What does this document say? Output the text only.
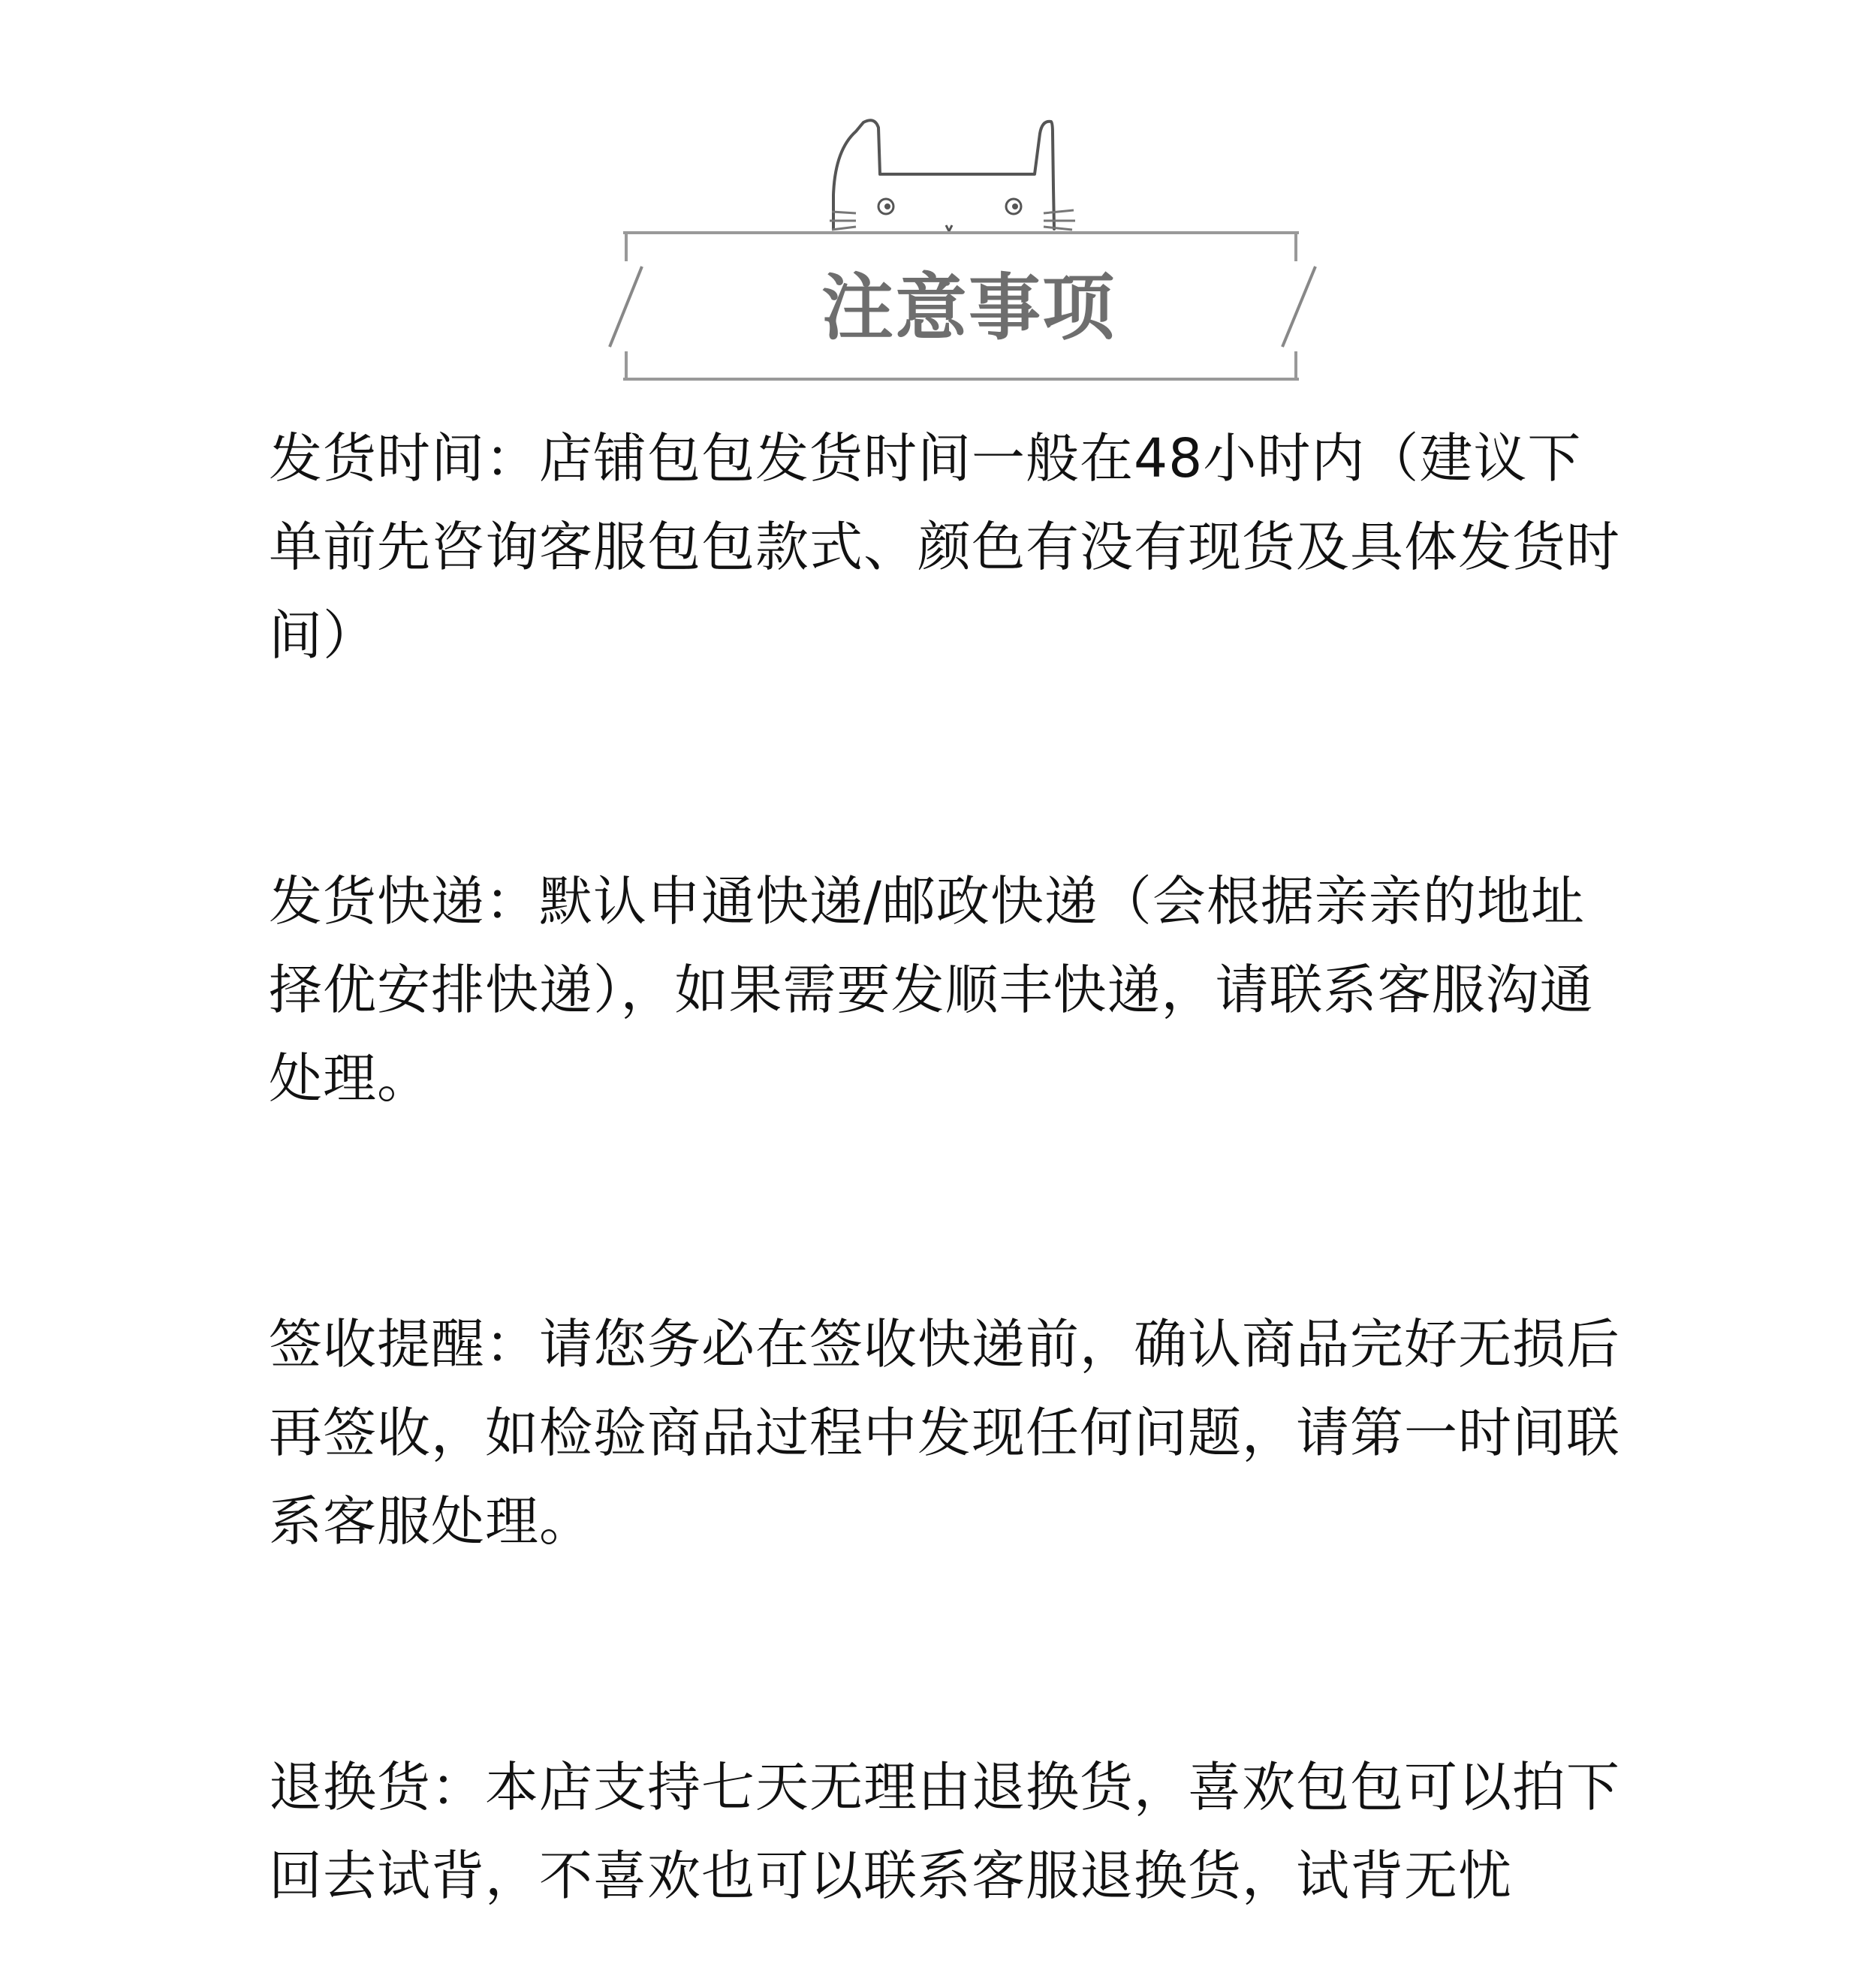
注意事项

发货时间：店铺包包发货时间一般在48小时内（建议下单前先咨询客服包包款式、颜色有没有现货及具体发货时间）

发货快递：默认申通快递/邮政快递（会根据亲亲的地址择优安排快递），如果需要发顺丰快递，请联系客服沟通处理。

签收提醒：请您务必在签收快递前，确认商品完好无损后再签收，如检验商品过程中发现任何问题，请第一时间联系客服处理。

退换货：本店支持七天无理由退换货，喜欢包包可以拍下回去试背，不喜欢也可以联系客服退换货，试背无忧
